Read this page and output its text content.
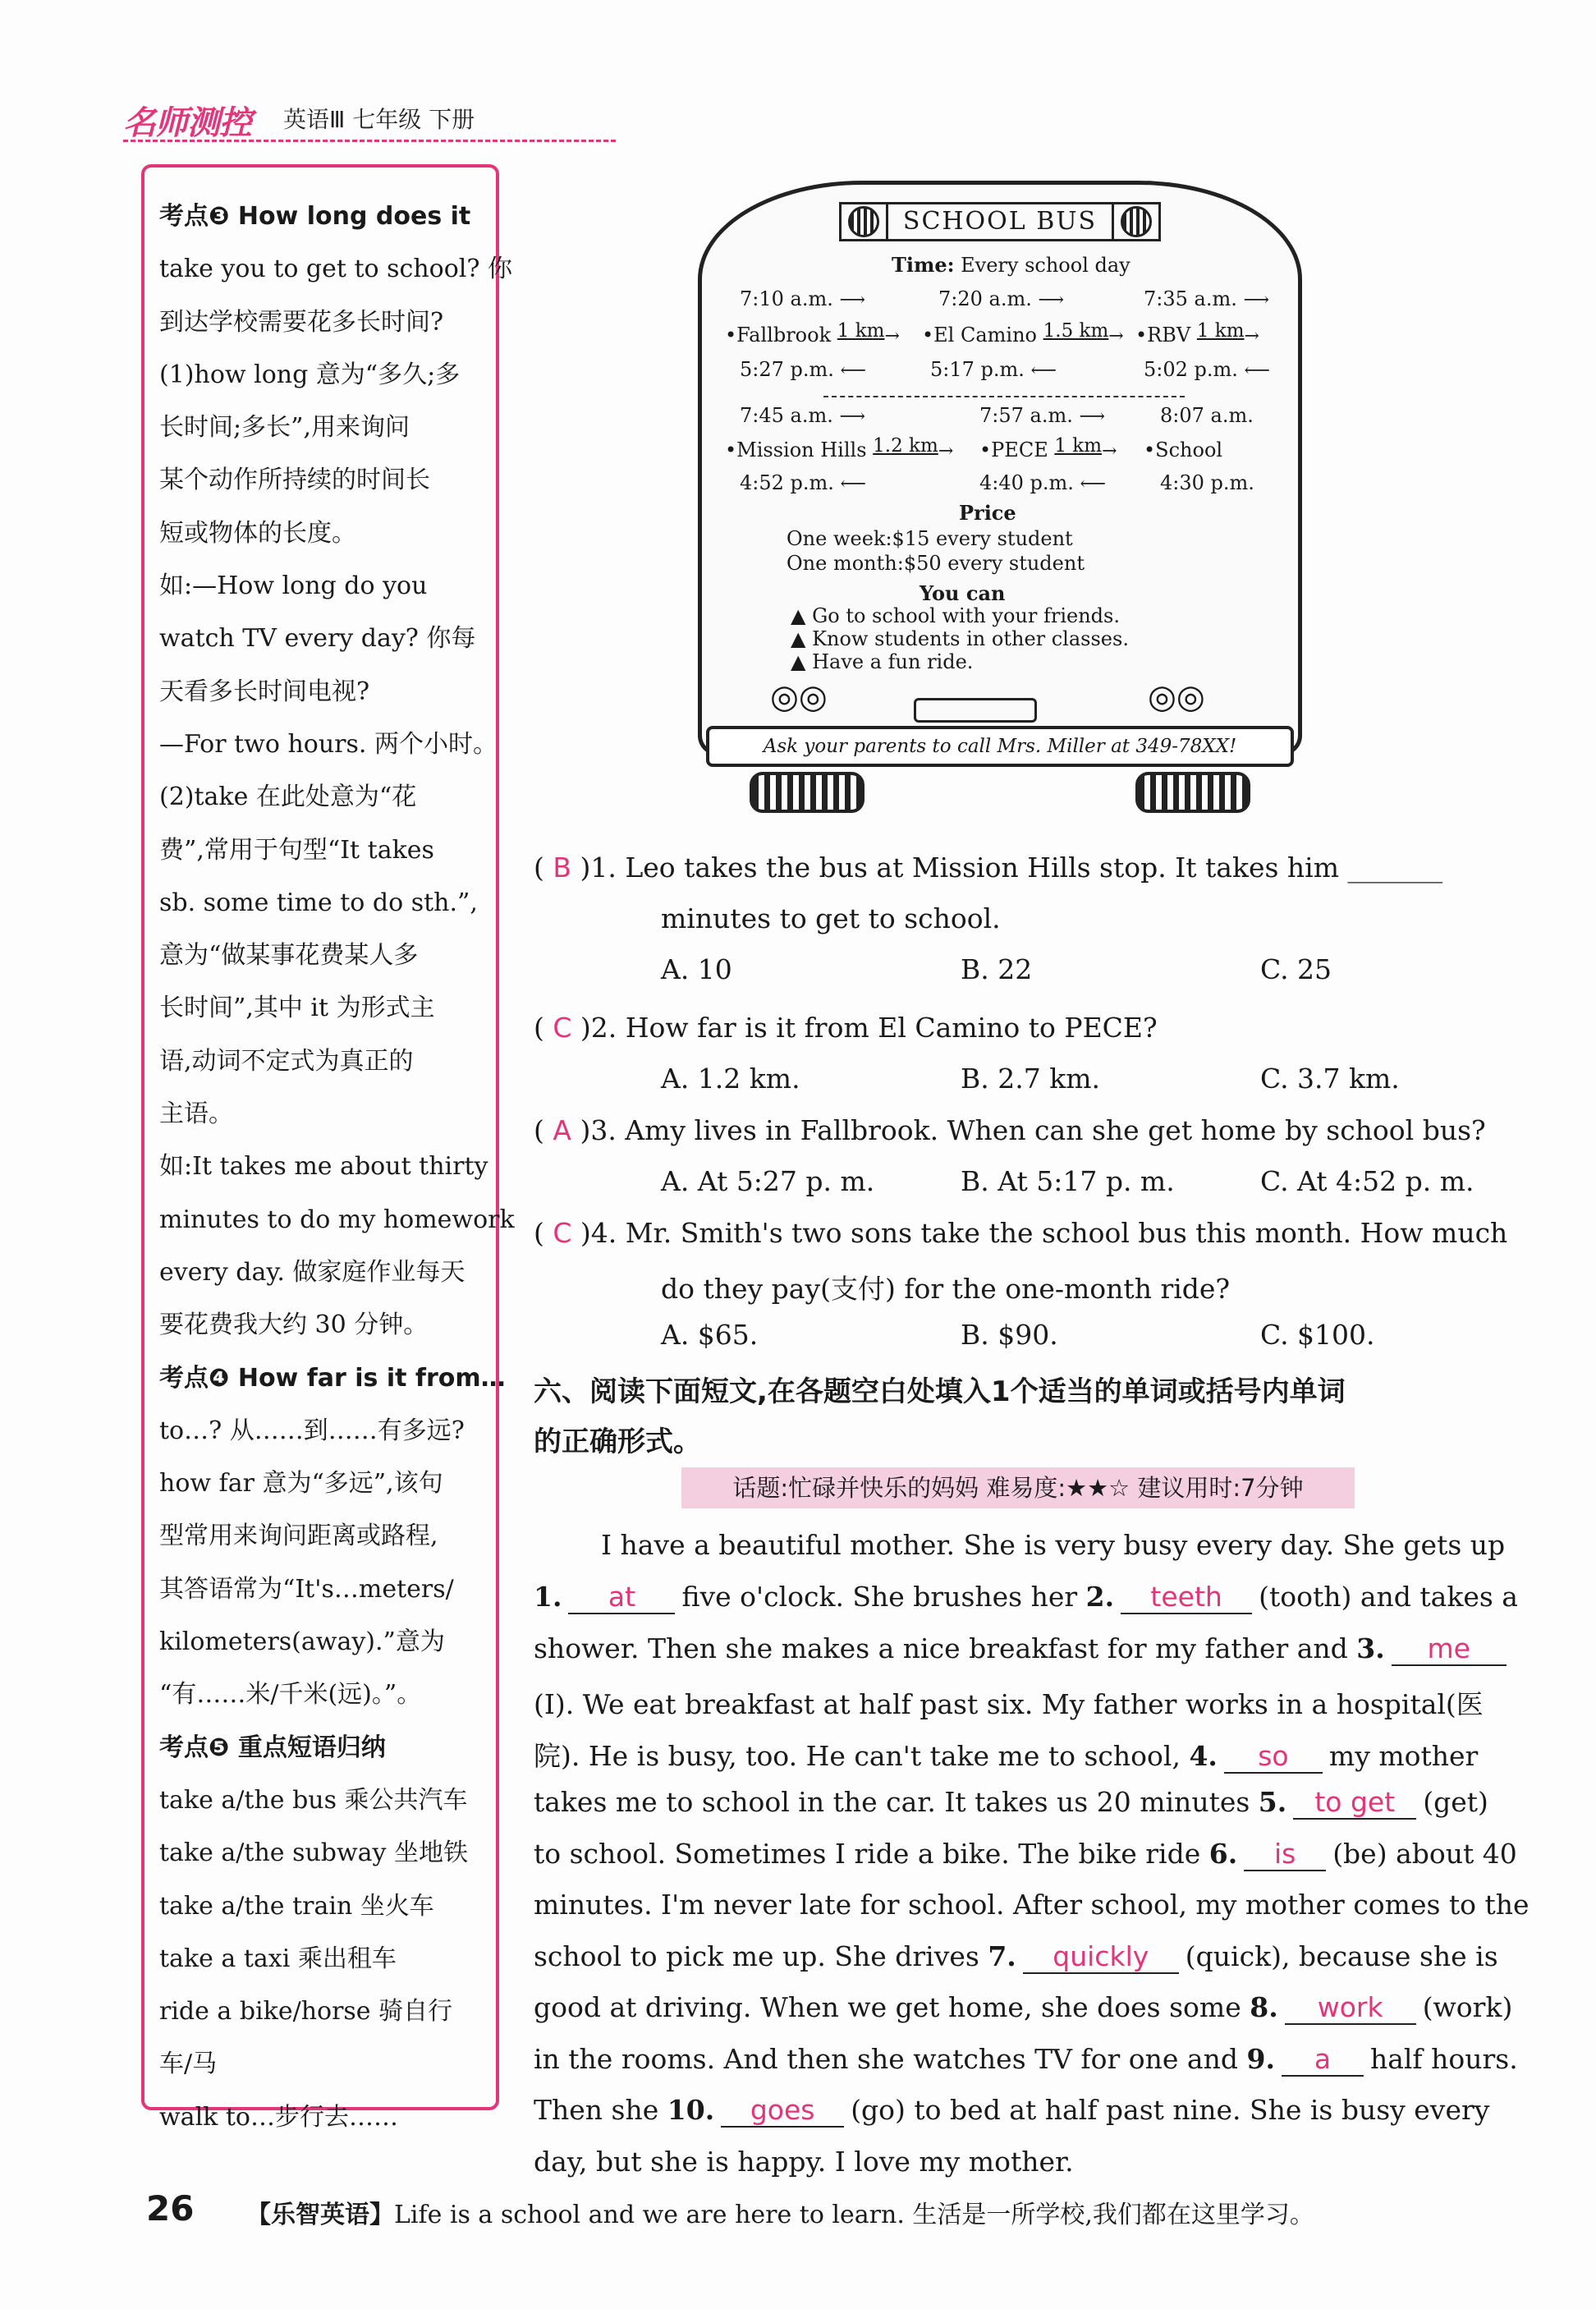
名师测控 英语Ⅲ 七年级 下册
考点❸ How long does it
take you to get to school? 你
到达学校需要花多长时间?
(1)how long 意为“多久;多
长时间;多长”,用来询问
某个动作所持续的时间长
短或物体的长度。
如:—How long do you
watch TV every day? 你每
天看多长时间电视?
—For two hours. 两个小时。
(2)take 在此处意为“花
费”,常用于句型“It takes
sb. some time to do sth.”,
意为“做某事花费某人多
长时间”,其中 it 为形式主
语,动词不定式为真正的
主语。
如:It takes me about thirty
minutes to do my homework
every day. 做家庭作业每天
要花费我大约 30 分钟。
考点❹ How far is it from…
to…? 从……到……有多远?
how far 意为“多远”,该句
型常用来询问距离或路程,
其答语常为“It's…meters/
kilometers(away).”意为
“有……米/千米(远)。”。
考点❺ 重点短语归纳
take a/the bus 乘公共汽车
take a/the subway 坐地铁
take a/the train 坐火车
take a taxi 乘出租车
ride a bike/horse 骑自行
车/马
walk to…步行去……
SCHOOL BUS
Time: Every school day
7:10 a.m. ⟶	7:20 a.m. ⟶	7:35 a.m. ⟶
•Fallbrook 1 km→ •El Camino 1.5 km→ •RBV 1 km→
5:27 p.m. ⟵	5:17 p.m. ⟵	5:02 p.m. ⟵
7:45 a.m. ⟶	7:57 a.m. ⟶	8:07 a.m.
•Mission Hills 1.2 km→ •PECE 1 km→ •School
4:52 p.m. ⟵	4:40 p.m. ⟵	4:30 p.m.
Price
One week:$15 every student
One month:$50 every student
You can
▲ Go to school with your friends.
▲ Know students in other classes.
▲ Have a fun ride.
◎◎	◎◎
Ask your parents to call Mrs. Miller at 349-78XX!
( B )1. Leo takes the bus at Mission Hills stop. It takes him _______
minutes to get to school.
A. 10	B. 22	C. 25
( C )2. How far is it from El Camino to PECE?
A. 1.2 km.	B. 2.7 km.	C. 3.7 km.
( A )3. Amy lives in Fallbrook. When can she get home by school bus?
A. At 5:27 p. m.	B. At 5:17 p. m.	C. At 4:52 p. m.
( C )4. Mr. Smith's two sons take the school bus this month. How much
do they pay(支付) for the one-month ride?
A. $65.	B. $90.	C. $100.
六、阅读下面短文,在各题空白处填入1个适当的单词或括号内单词
的正确形式。
话题:忙碌并快乐的妈妈 难易度:★★☆ 建议用时:7分钟
I have a beautiful mother. She is very busy every day. She gets up
1. at five o'clock. She brushes her 2. teeth (tooth) and takes a
shower. Then she makes a nice breakfast for my father and 3. me
(I). We eat breakfast at half past six. My father works in a hospital(医
院). He is busy, too. He can't take me to school, 4. so my mother
takes me to school in the car. It takes us 20 minutes 5. to get (get)
to school. Sometimes I ride a bike. The bike ride 6. is (be) about 40
minutes. I'm never late for school. After school, my mother comes to the
school to pick me up. She drives 7. quickly (quick), because she is
good at driving. When we get home, she does some 8. work (work)
in the rooms. And then she watches TV for one and 9. a half hours.
Then she 10. goes (go) to bed at half past nine. She is busy every
day, but she is happy. I love my mother.
26 【乐智英语】Life is a school and we are here to learn. 生活是一所学校,我们都在这里学习。
